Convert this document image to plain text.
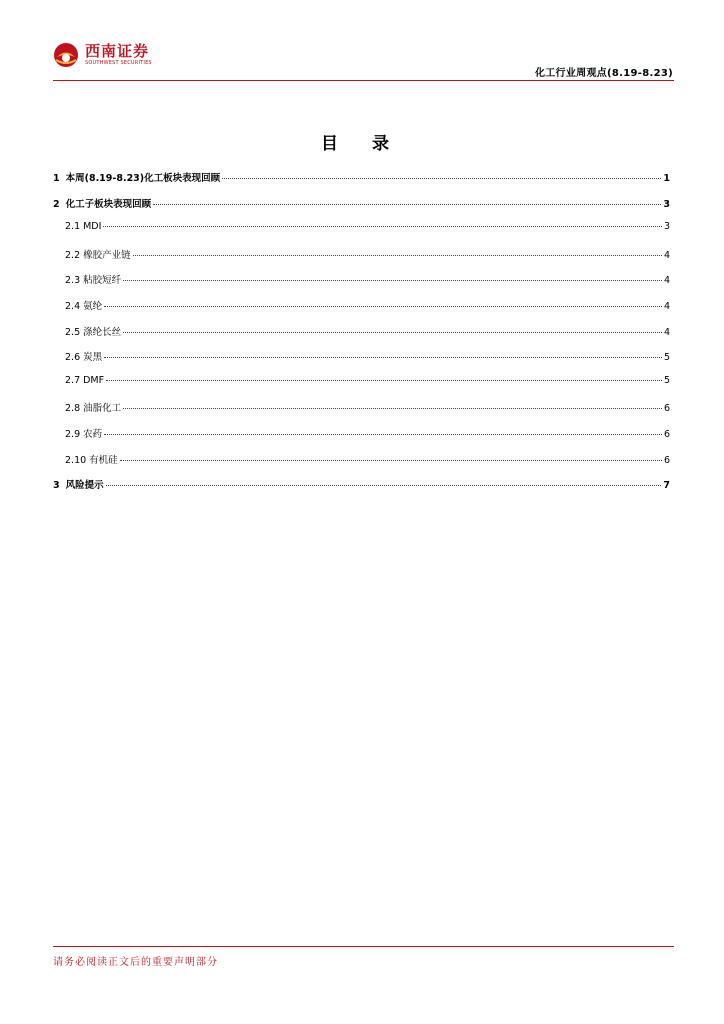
西南证券
SOUTHWEST SECURITIES
化工行业周观点(8.19-8.23)
目 录
1 本周(8.19-8.23)化工板块表现回顾	1
2 化工子板块表现回顾	3
2.1 MDI	3
2.2 橡胶产业链	4
2.3 粘胶短纤	4
2.4 氨纶	4
2.5 涤纶长丝	4
2.6 炭黑	5
2.7 DMF	5
2.8 油脂化工	6
2.9 农药	6
2.10 有机硅	6
3 风险提示	7
请务必阅读正文后的重要声明部分
